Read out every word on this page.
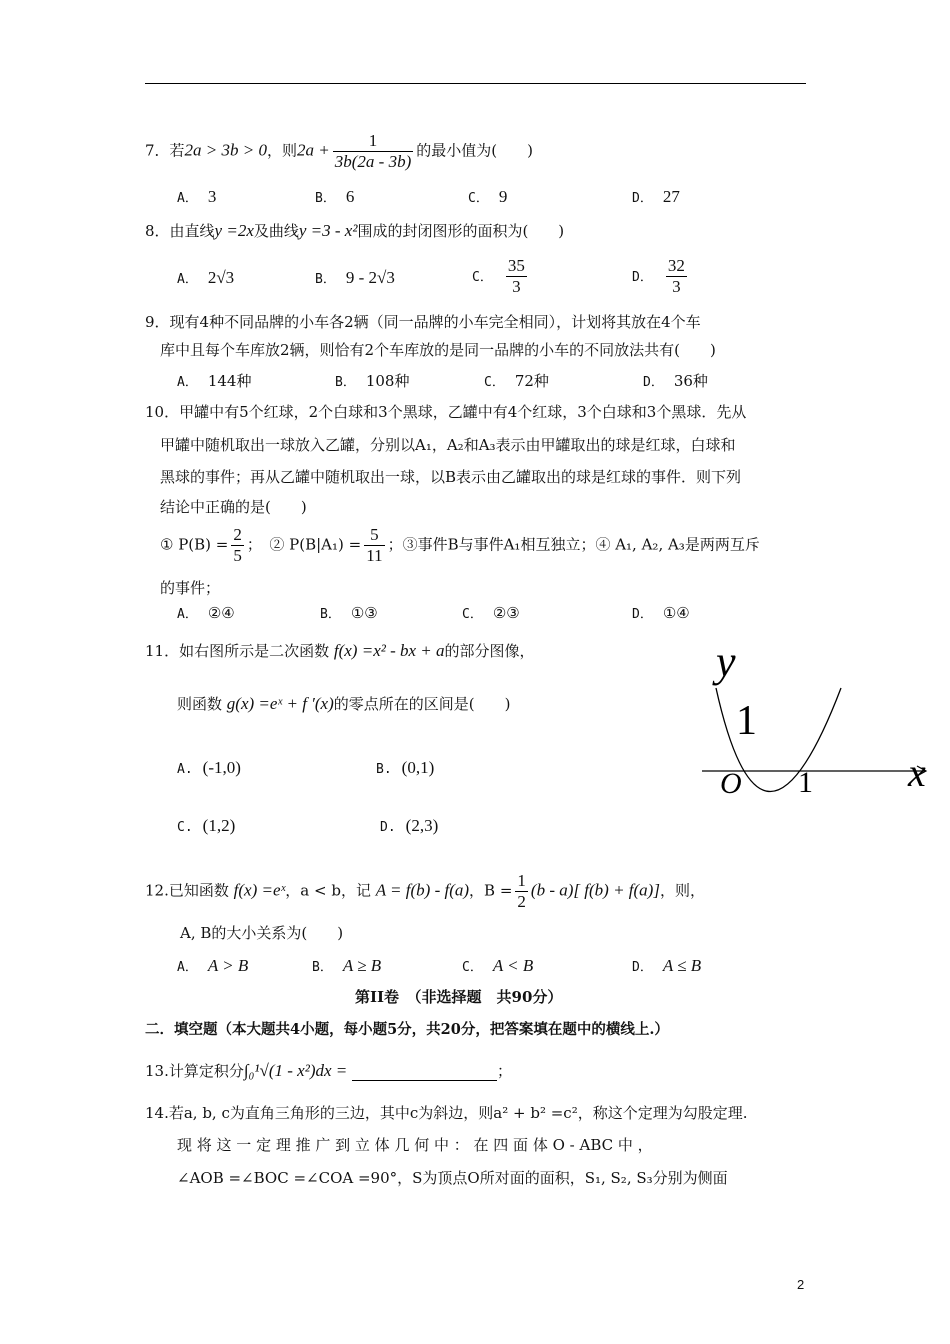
7．若2a > 3b > 0，则$2a + \frac{1}{3b(2a - 3b)}$ 的最小值为(　　)
A． 3	B． 6	C． 9	D． 27
8．由直线y =2x及曲线y =3 - x²围成的封闭图形的面积为(　　)
A． 2√3	B． 9 - 2√3	C． $\frac{35}{3}$	D． $\frac{32}{3}$
9．现有4种不同品牌的小车各2辆（同一品牌的小车完全相同），计划将其放在4个车
库中且每个车库放2辆，则恰有2个车库放的是同一品牌的小车的不同放法共有(　　)
A． 144种	B． 108种	C． 72种	D． 36种
10．甲罐中有5个红球，2个白球和3个黑球，乙罐中有4个红球，3个白球和3个黑球．先从
甲罐中随机取出一球放入乙罐，分别以A₁，A₂和A₃表示由甲罐取出的球是红球，白球和
黑球的事件；再从乙罐中随机取出一球，以B表示由乙罐取出的球是红球的事件．则下列
结论中正确的是(　　)
① $P(B) = \frac{2}{5}$ ；　② $P(B|A_1) = \frac{5}{11}$ ；③事件B与事件A₁相互独立；④ A₁, A₂, A₃是两两互斥
的事件；
A． ②④	B． ①③	C． ②③	D． ①④
11．如右图所示是二次函数 f(x) =x² - bx + a的部分图像，
则函数 g(x) =eˣ + f ′(x)的零点所在的区间是(　　)
A. (-1,0)	B. (0,1)
C. (1,2)	D. (2,3)
y
1
O 1 x
12.已知函数 f(x) =eˣ，a < b，记 A = f(b) - f(a)，$B = \frac{1}{2} (b - a)$[ f(b) + f(a)]，则，
A, B的大小关系为(　　)
A． A > B	B． A ≥ B	C． A < B	D． A ≤ B
第II卷　（非选择题　共90分）
二．填空题（本大题共4小题，每小题5分，共20分，把答案填在题中的横线上.）
13.计算定积分∫₀¹√(1 - x²)dx =	；
14.若a, b, c为直角三角形的三边，其中c为斜边，则a² + b² =c²，称这个定理为勾股定理.
现 将 这 一 定 理 推 广 到 立 体 几 何 中 ： 在 四 面 体 O - ABC 中 ，
∠AOB =∠BOC =∠COA =90°，S为顶点O所对面的面积，S₁, S₂, S₃分别为侧面
2
